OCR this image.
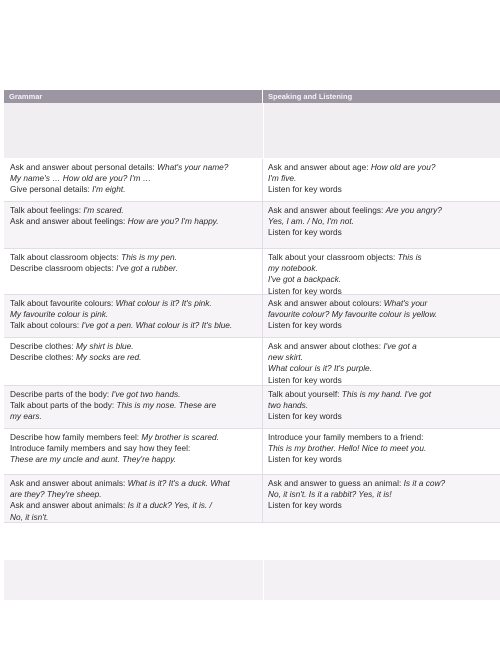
Grammar	Speaking and Listening
Ask and answer about personal details: What's your name?
My name's … How old are you? I'm …
Give personal details: I'm eight.
Ask and answer about age: How old are you?
I'm five.
Listen for key words
Talk about feelings: I'm scared.
Ask and answer about feelings: How are you? I'm happy.
Ask and answer about feelings: Are you angry?
Yes, I am. / No, I'm not.
Listen for key words
Talk about classroom objects: This is my pen.
Describe classroom objects: I've got a rubber.
Talk about your classroom objects: This is
my notebook.
I've got a backpack.
Listen for key words
Talk about favourite colours: What colour is it? It's pink.
My favourite colour is pink.
Talk about colours: I've got a pen. What colour is it? It's blue.
Ask and answer about colours: What's your
favourite colour? My favourite colour is yellow.
Listen for key words
Describe clothes: My shirt is blue.
Describe clothes: My socks are red.
Ask and answer about clothes: I've got a
new skirt.
What colour is it? It's purple.
Listen for key words
Describe parts of the body: I've got two hands.
Talk about parts of the body: This is my nose. These are
my ears.
Talk about yourself: This is my hand. I've got
two hands.
Listen for key words
Describe how family members feel: My brother is scared.
Introduce family members and say how they feel:
These are my uncle and aunt. They're happy.
Introduce your family members to a friend:
This is my brother. Hello! Nice to meet you.
Listen for key words
Ask and answer about animals: What is it? It's a duck. What
are they? They're sheep.
Ask and answer about animals: Is it a duck? Yes, it is. /
No, it isn't.
Ask and answer to guess an animal: Is it a cow?
No, it isn't. Is it a rabbit? Yes, it is!
Listen for key words
